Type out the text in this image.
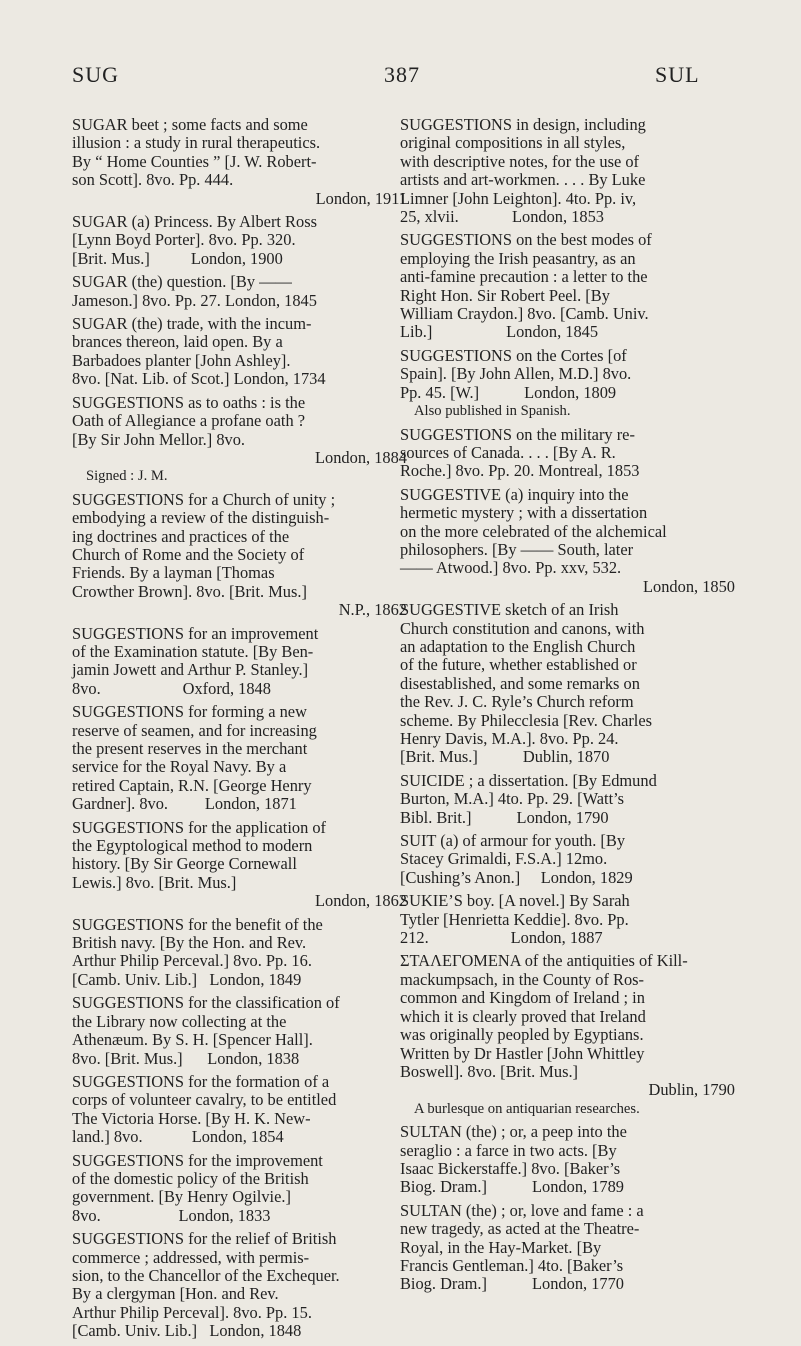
SUG	387	SUL
SUGAR beet ; some facts and some
illusion : a study in rural therapeutics.
By “ Home Counties ” [J. W. Robert-
son Scott]. 8vo. Pp. 444.
London, 1911
SUGAR (a) Princess. By Albert Ross
[Lynn Boyd Porter]. 8vo. Pp. 320.
[Brit. Mus.]          London, 1900
SUGAR (the) question. [By ——
Jameson.] 8vo. Pp. 27. London, 1845
SUGAR (the) trade, with the incum-
brances thereon, laid open. By a
Barbadoes planter [John Ashley].
8vo. [Nat. Lib. of Scot.] London, 1734
SUGGESTIONS as to oaths : is the
Oath of Allegiance a profane oath ?
[By Sir John Mellor.] 8vo.
London, 1884
Signed : J. M.
SUGGESTIONS for a Church of unity ;
embodying a review of the distinguish-
ing doctrines and practices of the
Church of Rome and the Society of
Friends. By a layman [Thomas
Crowther Brown]. 8vo. [Brit. Mus.]
N.P., 1862
SUGGESTIONS for an improvement
of the Examination statute. [By Ben-
jamin Jowett and Arthur P. Stanley.]
8vo.                    Oxford, 1848
SUGGESTIONS for forming a new
reserve of seamen, and for increasing
the present reserves in the merchant
service for the Royal Navy. By a
retired Captain, R.N. [George Henry
Gardner]. 8vo.         London, 1871
SUGGESTIONS for the application of
the Egyptological method to modern
history. [By Sir George Cornewall
Lewis.] 8vo. [Brit. Mus.]
London, 1862
SUGGESTIONS for the benefit of the
British navy. [By the Hon. and Rev.
Arthur Philip Perceval.] 8vo. Pp. 16.
[Camb. Univ. Lib.]   London, 1849
SUGGESTIONS for the classification of
the Library now collecting at the
Athenæum. By S. H. [Spencer Hall].
8vo. [Brit. Mus.]      London, 1838
SUGGESTIONS for the formation of a
corps of volunteer cavalry, to be entitled
The Victoria Horse. [By H. K. New-
land.] 8vo.            London, 1854
SUGGESTIONS for the improvement
of the domestic policy of the British
government. [By Henry Ogilvie.]
8vo.                   London, 1833
SUGGESTIONS for the relief of British
commerce ; addressed, with permis-
sion, to the Chancellor of the Exchequer.
By a clergyman [Hon. and Rev.
Arthur Philip Perceval]. 8vo. Pp. 15.
[Camb. Univ. Lib.]   London, 1848
SUGGESTIONS in design, including
original compositions in all styles,
with descriptive notes, for the use of
artists and art-workmen. . . . By Luke
Limner [John Leighton]. 4to. Pp. iv,
25, xlvii.             London, 1853
SUGGESTIONS on the best modes of
employing the Irish peasantry, as an
anti-famine precaution : a letter to the
Right Hon. Sir Robert Peel. [By
William Craydon.] 8vo. [Camb. Univ.
Lib.]                  London, 1845
SUGGESTIONS on the Cortes [of
Spain]. [By John Allen, M.D.] 8vo.
Pp. 45. [W.]           London, 1809
Also published in Spanish.
SUGGESTIONS on the military re-
sources of Canada. . . . [By A. R.
Roche.] 8vo. Pp. 20. Montreal, 1853
SUGGESTIVE (a) inquiry into the
hermetic mystery ; with a dissertation
on the more celebrated of the alchemical
philosophers. [By —— South, later
—— Atwood.] 8vo. Pp. xxv, 532.
London, 1850
SUGGESTIVE sketch of an Irish
Church constitution and canons, with
an adaptation to the English Church
of the future, whether established or
disestablished, and some remarks on
the Rev. J. C. Ryle’s Church reform
scheme. By Philecclesia [Rev. Charles
Henry Davis, M.A.]. 8vo. Pp. 24.
[Brit. Mus.]           Dublin, 1870
SUICIDE ; a dissertation. [By Edmund
Burton, M.A.] 4to. Pp. 29. [Watt’s
Bibl. Brit.]           London, 1790
SUIT (a) of armour for youth. [By
Stacey Grimaldi, F.S.A.] 12mo.
[Cushing’s Anon.]     London, 1829
SUKIE’S boy. [A novel.] By Sarah
Tytler [Henrietta Keddie]. 8vo. Pp.
212.                    London, 1887
ΣΤΑΛΕΓΟΜΕΝΑ of the antiquities of Kill-
mackumpsach, in the County of Ros-
common and Kingdom of Ireland ; in
which it is clearly proved that Ireland
was originally peopled by Egyptians.
Written by Dr Hastler [John Whittley
Boswell]. 8vo. [Brit. Mus.]
Dublin, 1790
A burlesque on antiquarian researches.
SULTAN (the) ; or, a peep into the
seraglio : a farce in two acts. [By
Isaac Bickerstaffe.] 8vo. [Baker’s
Biog. Dram.]           London, 1789
SULTAN (the) ; or, love and fame : a
new tragedy, as acted at the Theatre-
Royal, in the Hay-Market. [By
Francis Gentleman.] 4to. [Baker’s
Biog. Dram.]           London, 1770
